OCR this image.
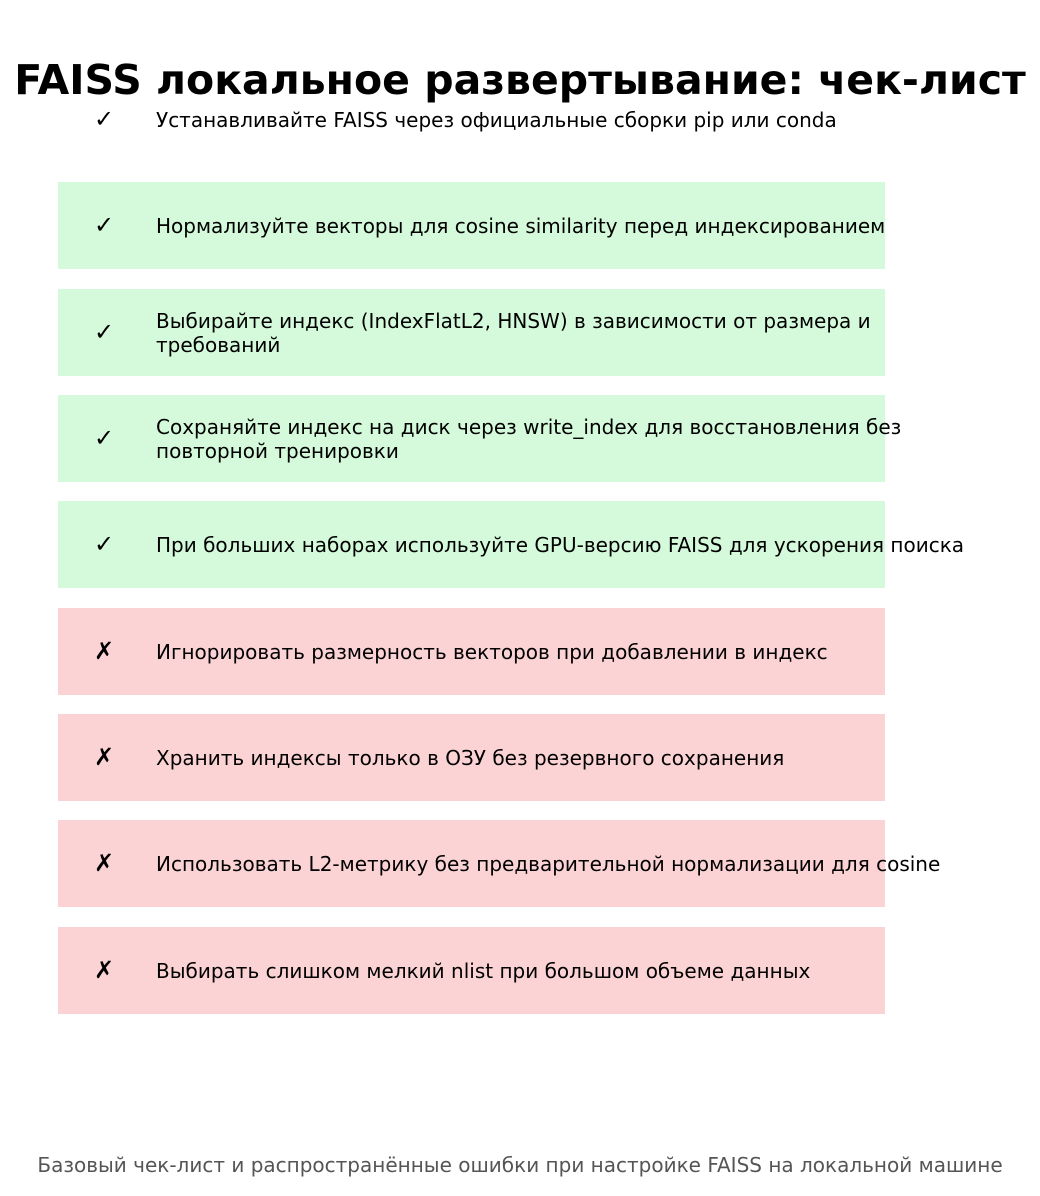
FAISS локальное развертывание: чек-лист
✓ Устанавливайте FAISS через официальные сборки pip или conda
✓ Нормализуйте векторы для cosine similarity перед индексированием
✓ Выбирайте индекс (IndexFlatL2, HNSW) в зависимости от размера и
требований
✓ Сохраняйте индекс на диск через write_index для восстановления без
повторной тренировки
✓ При больших наборах используйте GPU-версию FAISS для ускорения поиска
✗ Игнорировать размерность векторов при добавлении в индекс
✗ Хранить индексы только в ОЗУ без резервного сохранения
✗ Использовать L2-метрику без предварительной нормализации для cosine
✗ Выбирать слишком мелкий nlist при большом объеме данных
Базовый чек-лист и распространённые ошибки при настройке FAISS на локальной машине
